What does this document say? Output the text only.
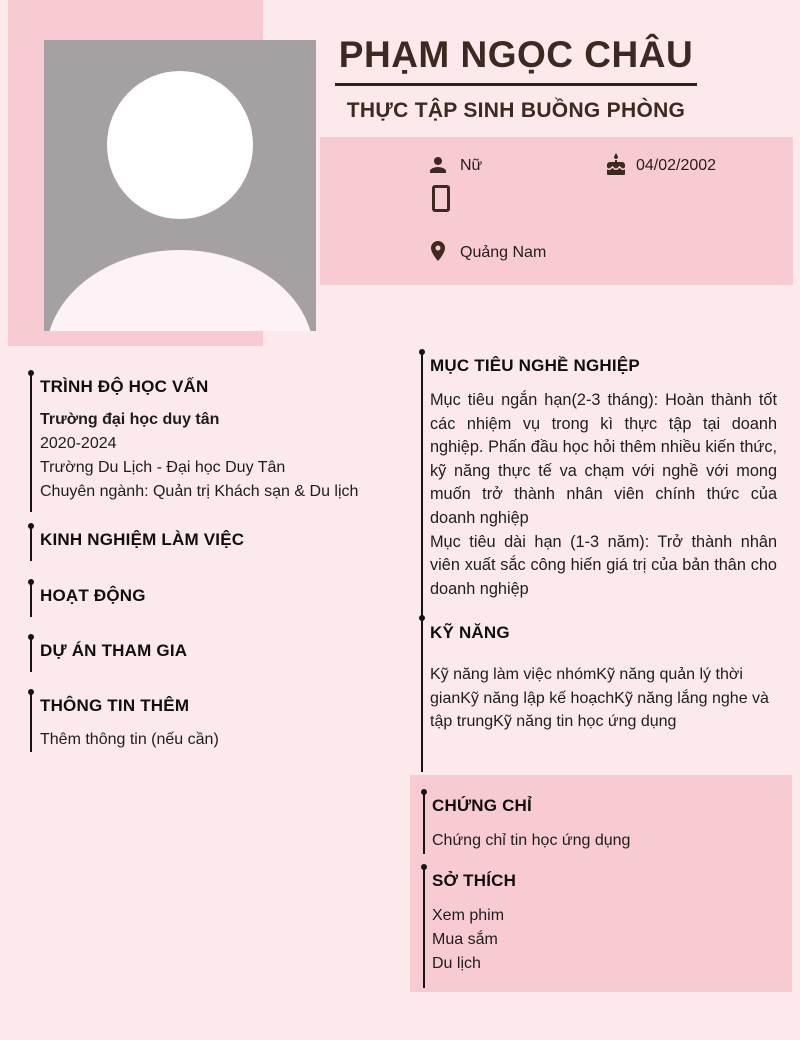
PHẠM NGỌC CHÂU
THỰC TẬP SINH BUỒNG PHÒNG
Nữ	04/02/2002
Quảng Nam
TRÌNH ĐỘ HỌC VẤN
Trường đại học duy tân
2020-2024
Trường Du Lịch - Đại học Duy Tân
Chuyên ngành: Quản trị Khách sạn & Du lịch
KINH NGHIỆM LÀM VIỆC
HOẠT ĐỘNG
DỰ ÁN THAM GIA
THÔNG TIN THÊM
Thêm thông tin (nếu cần)
MỤC TIÊU NGHỀ NGHIỆP

Mục tiêu ngắn hạn(2-3 tháng): Hoàn thành tốt các nhiệm vụ trong kì thực tập tại doanh nghiệp. Phấn đầu học hỏi thêm nhiều kiến thức, kỹ năng thực tế va chạm với nghề với mong muốn trở thành nhân viên chính thức của doanh nghiệp

Mục tiêu dài hạn (1-3 năm): Trở thành nhân viên xuất sắc công hiến giá trị của bản thân cho doanh nghiệp

KỸ NĂNG
Kỹ năng làm việc nhómKỹ năng quản lý thời gianKỹ năng lập kế hoạchKỹ năng lắng nghe và tập trungKỹ năng tin học ứng dụng
CHỨNG CHỈ
Chứng chỉ tin học ứng dụng
SỞ THÍCH
Xem phim
Mua sắm
Du lịch
